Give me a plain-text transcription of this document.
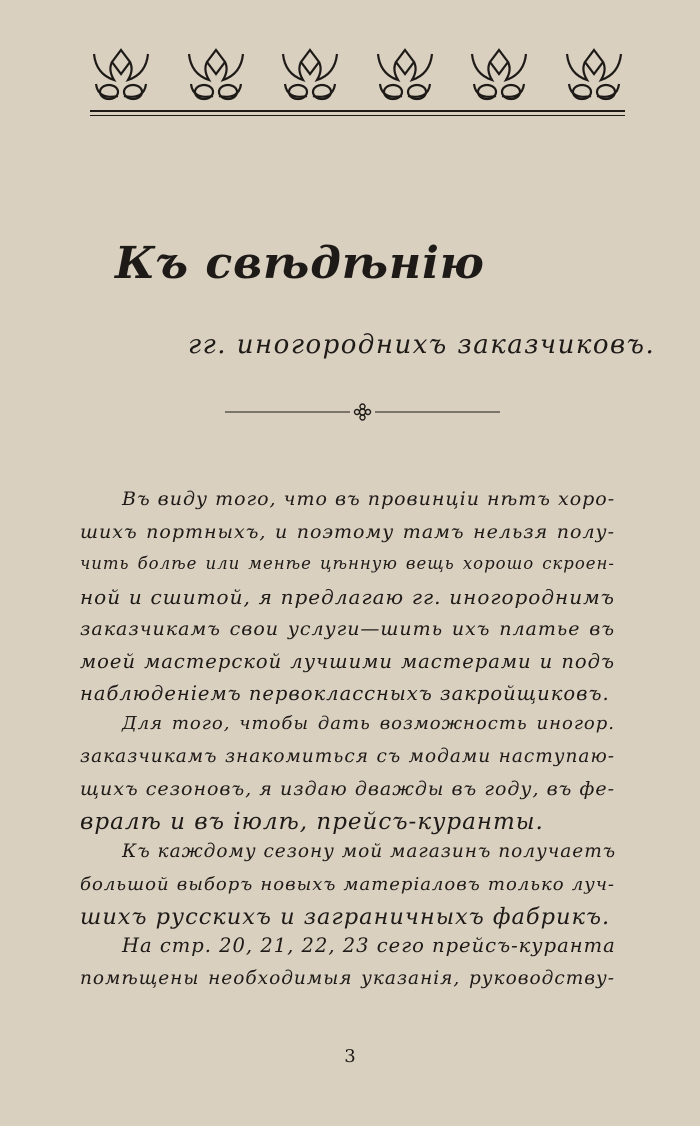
Къ свѣдѣнію
гг. иногороднихъ заказчиковъ.
Въ виду того, что въ провинціи нѣтъ хоро-
шихъ портныхъ, и поэтому тамъ нельзя полу-
чить болѣе или менѣе цѣнную вещь хорошо скроен-
ной и сшитой, я предлагаю гг. иногороднимъ
заказчикамъ свои услуги—шить ихъ платье въ
моей мастерской лучшими мастерами и подъ
наблюденіемъ первоклассныхъ закройщиковъ.
Для того, чтобы дать возможность иногор.
заказчикамъ знакомиться съ модами наступаю-
щихъ сезоновъ, я издаю дважды въ году, въ фе-
вралѣ и въ іюлѣ, прейсъ-куранты.
Къ каждому сезону мой магазинъ получаетъ
большой выборъ новыхъ матеріаловъ только луч-
шихъ русскихъ и заграничныхъ фабрикъ.
На стр. 20, 21, 22, 23 сего прейсъ-куранта
помѣщены необходимыя указанія, руководству-
3
